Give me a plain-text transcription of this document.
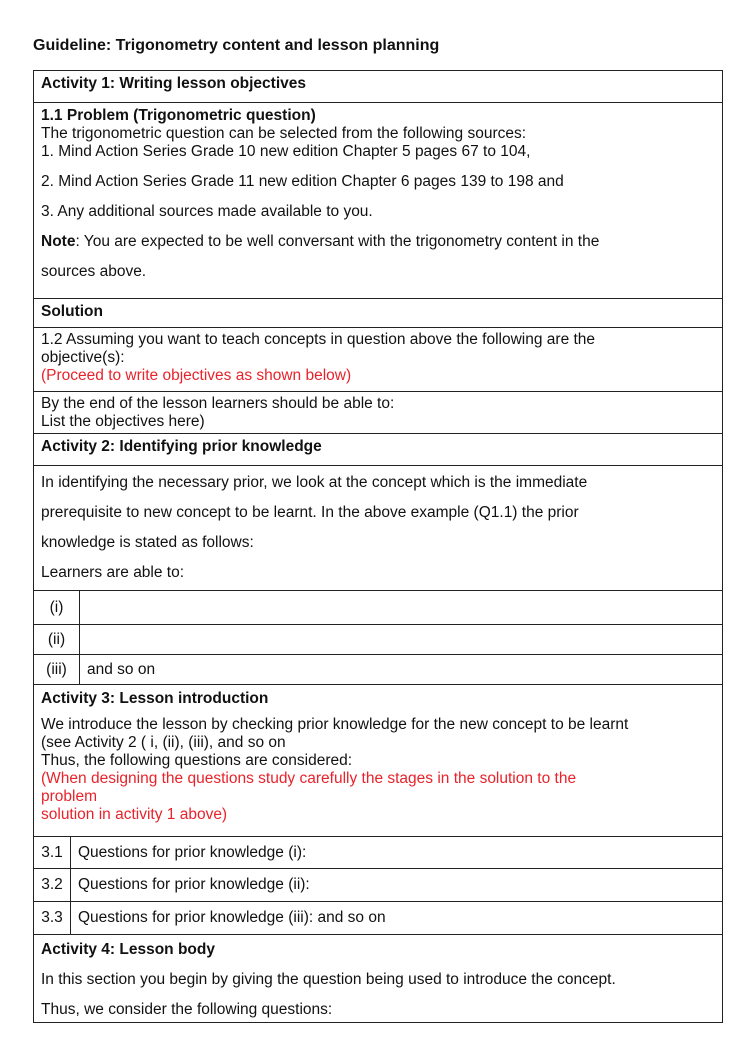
Guideline: Trigonometry content and lesson planning
Activity 1: Writing lesson objectives
1.1 Problem (Trigonometric question)
The trigonometric question can be selected from the following sources:
1. Mind Action Series Grade 10 new edition Chapter 5 pages 67 to 104,
2. Mind Action Series Grade 11 new edition Chapter 6 pages 139 to 198 and
3. Any additional sources made available to you.
Note: You are expected to be well conversant with the trigonometry content in the
sources above.
Solution
1.2 Assuming you want to teach concepts in question above the following are the
objective(s):
(Proceed to write objectives as shown below)
By the end of the lesson learners should be able to:
List the objectives here)
Activity 2: Identifying prior knowledge
In identifying the necessary prior, we look at the concept which is the immediate
prerequisite to new concept to be learnt. In the above example (Q1.1) the prior
knowledge is stated as follows:
Learners are able to:
(i)
(ii)
(iii)	and so on
Activity 3: Lesson introduction
We introduce the lesson by checking prior knowledge for the new concept to be learnt
(see Activity 2 ( i, (ii), (iii), and so on
Thus, the following questions are considered:
(When designing the questions study carefully the stages in the solution to the
problem
solution in activity 1 above)
3.1 Questions for prior knowledge (i):
3.2 Questions for prior knowledge (ii):
3.3 Questions for prior knowledge (iii): and so on
Activity 4: Lesson body
In this section you begin by giving the question being used to introduce the concept.
Thus, we consider the following questions:
